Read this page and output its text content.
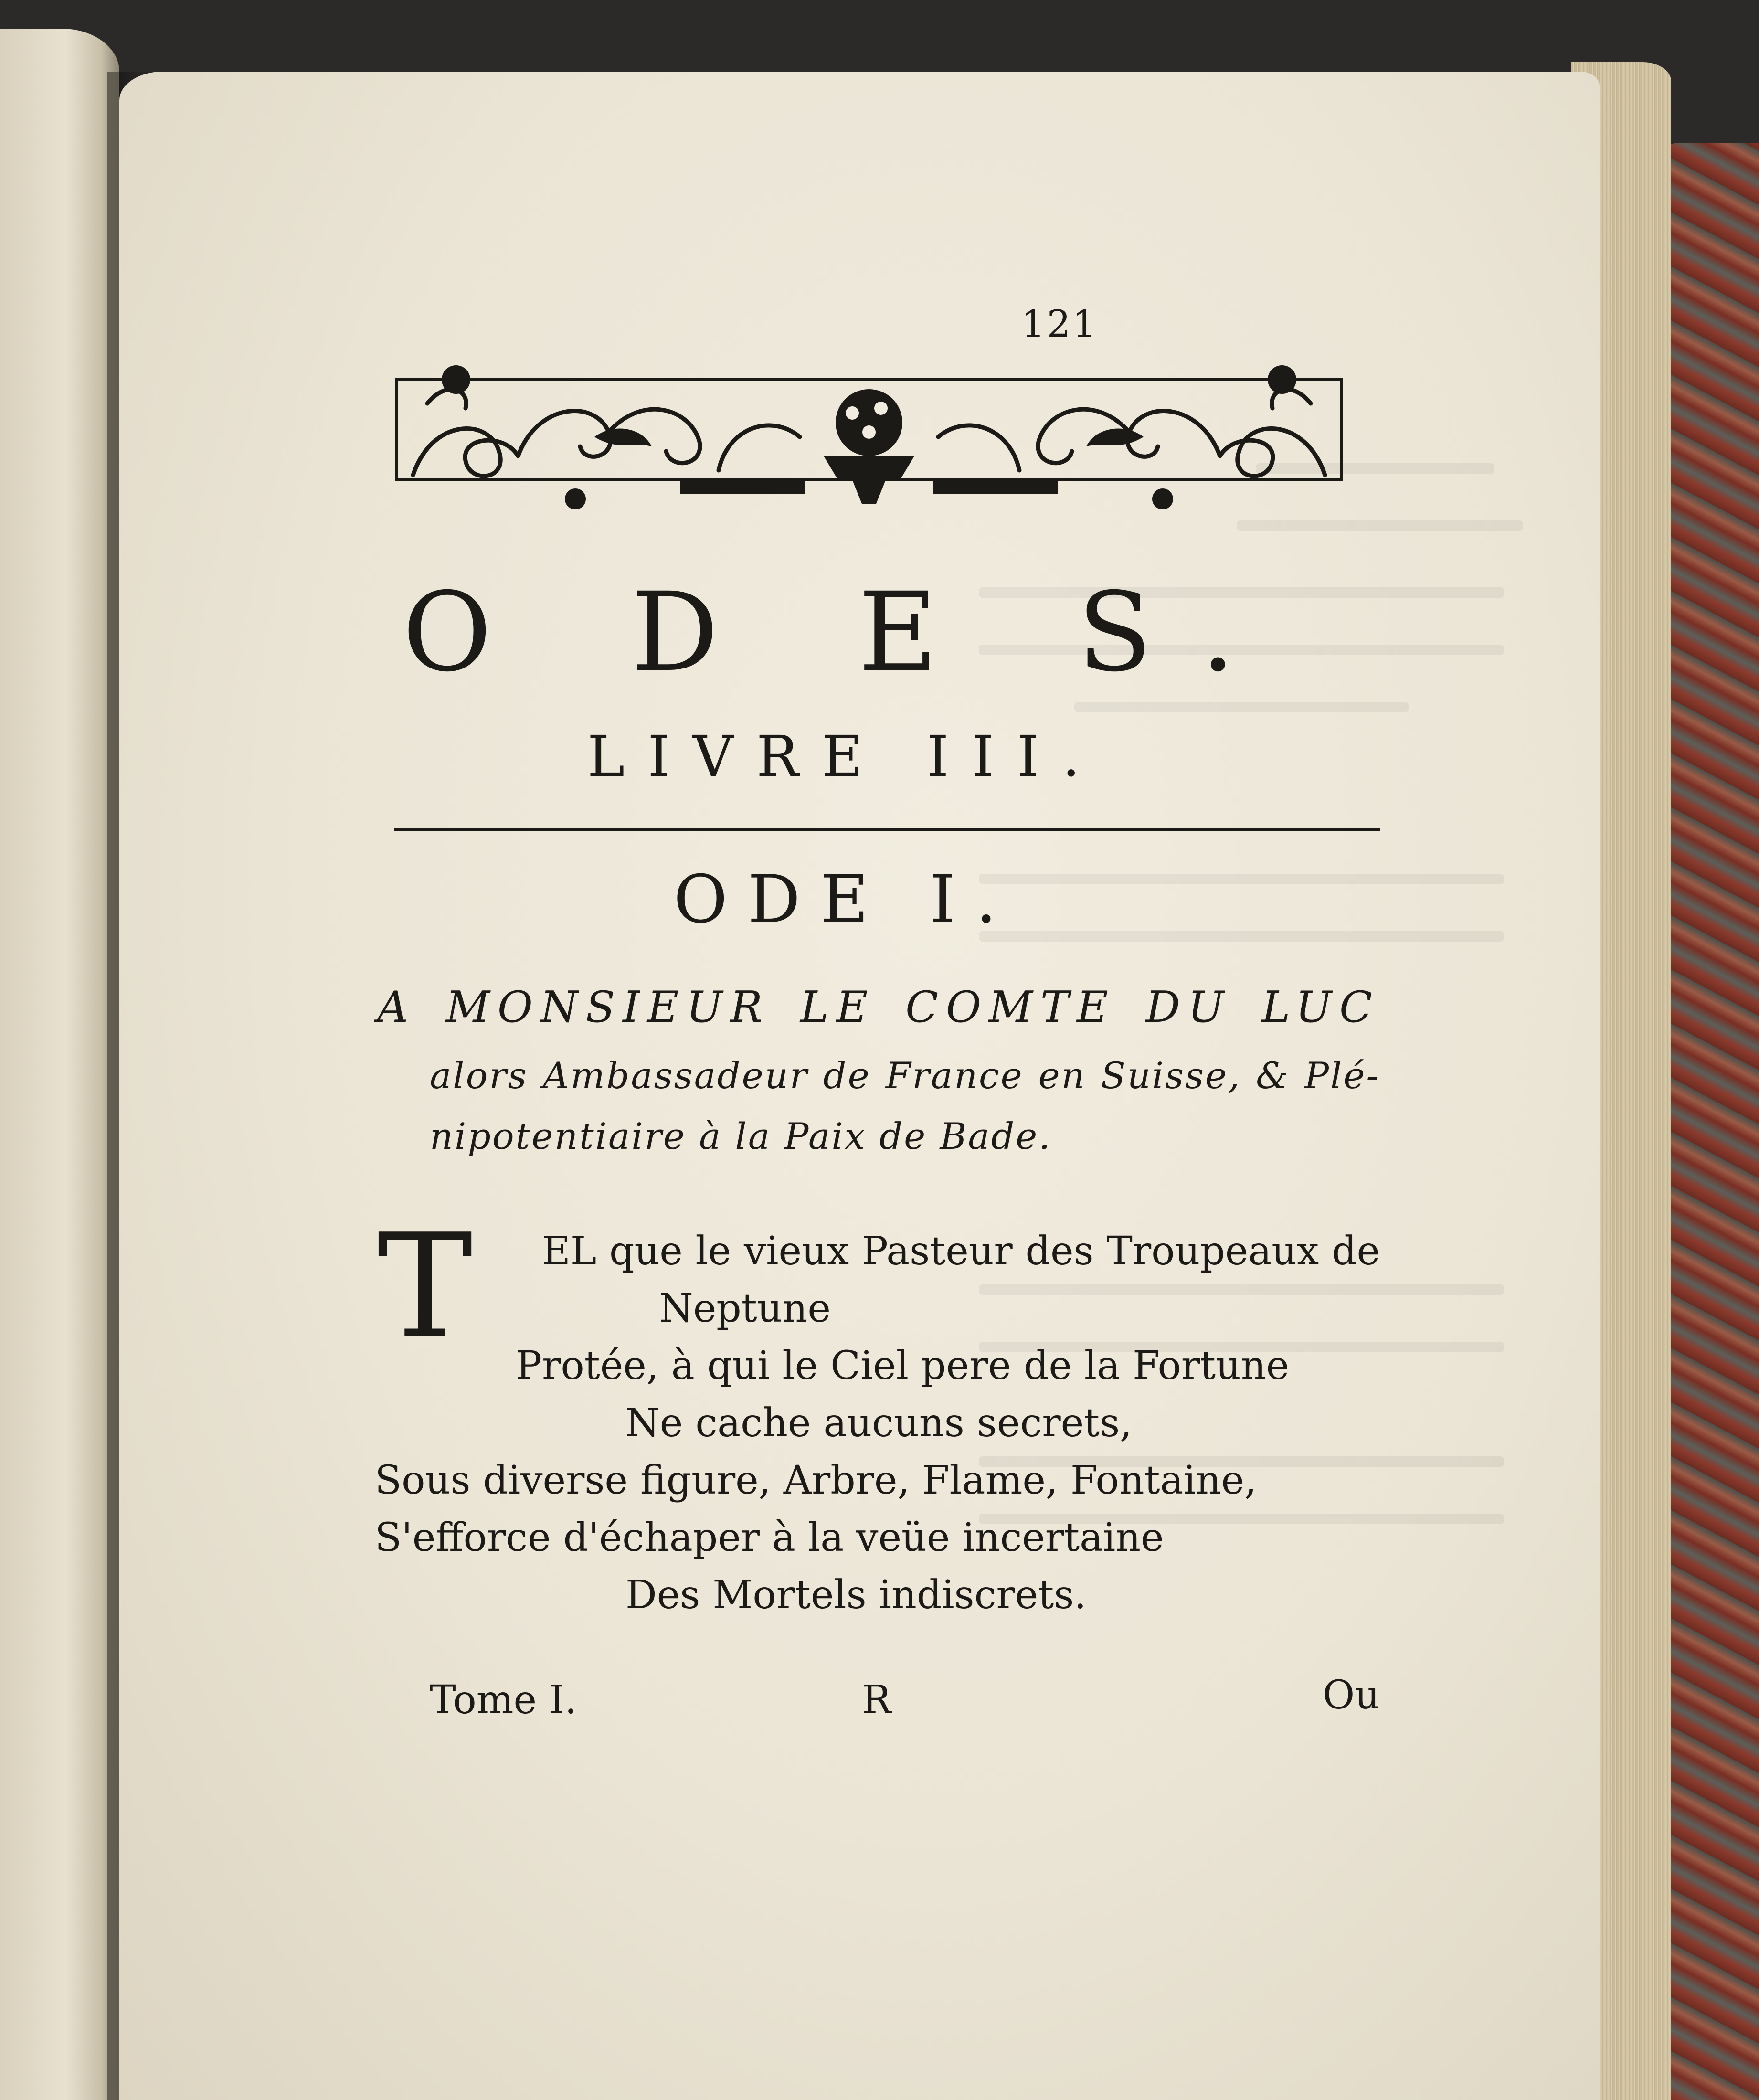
121
O D E S.
LIVRE III.
ODE I.
A MONSIEUR LE COMTE DU LUC
alors Ambassadeur de France en Suisse, & Plé-
nipotentiaire à la Paix de Bade.
T EL que le vieux Pasteur des Troupeaux de
Neptune
Protée, à qui le Ciel pere de la Fortune
Ne cache aucuns secrets,
Sous diverse figure, Arbre, Flame, Fontaine,
S'efforce d'échaper à la veüe incertaine
Des Mortels indiscrets.
Tome I.	R	Ou
